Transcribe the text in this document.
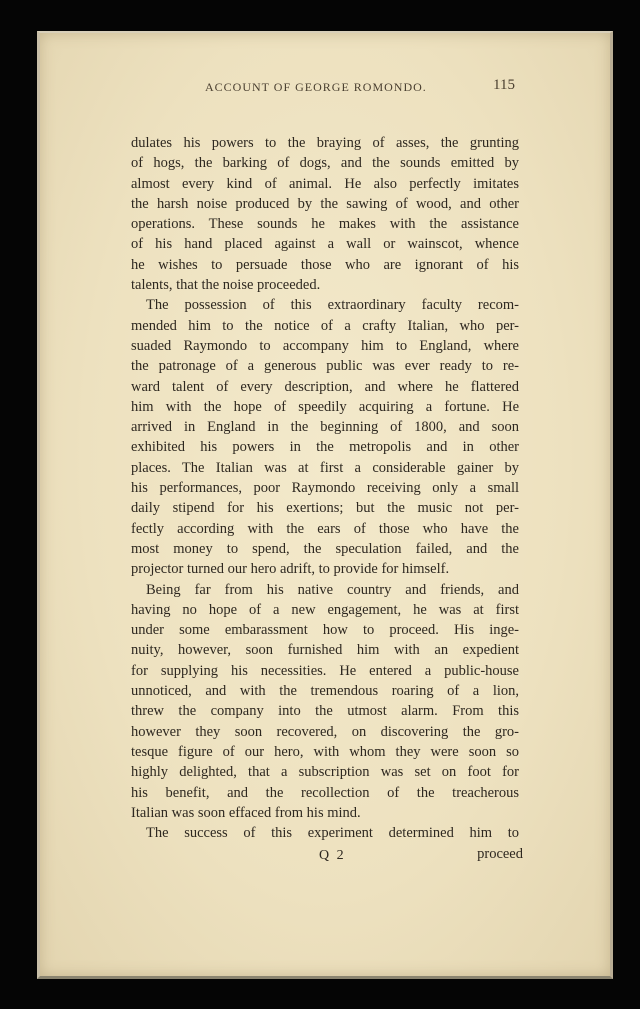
ACCOUNT OF GEORGE ROMONDO.	115
dulates his powers to the braying of asses, the grunting
of hogs, the barking of dogs, and the sounds emitted by
almost every kind of animal. He also perfectly imitates
the harsh noise produced by the sawing of wood, and other
operations. These sounds he makes with the assistance
of his hand placed against a wall or wainscot, whence
he wishes to persuade those who are ignorant of his
talents, that the noise proceeded.
The possession of this extraordinary faculty recom-
mended him to the notice of a crafty Italian, who per-
suaded Raymondo to accompany him to England, where
the patronage of a generous public was ever ready to re-
ward talent of every description, and where he flattered
him with the hope of speedily acquiring a fortune. He
arrived in England in the beginning of 1800, and soon
exhibited his powers in the metropolis and in other
places. The Italian was at first a considerable gainer by
his performances, poor Raymondo receiving only a small
daily stipend for his exertions; but the music not per-
fectly according with the ears of those who have the
most money to spend, the speculation failed, and the
projector turned our hero adrift, to provide for himself.
Being far from his native country and friends, and
having no hope of a new engagement, he was at first
under some embarassment how to proceed. His inge-
nuity, however, soon furnished him with an expedient
for supplying his necessities. He entered a public-house
unnoticed, and with the tremendous roaring of a lion,
threw the company into the utmost alarm. From this
however they soon recovered, on discovering the gro-
tesque figure of our hero, with whom they were soon so
highly delighted, that a subscription was set on foot for
his benefit, and the recollection of the treacherous
Italian was soon effaced from his mind.
The success of this experiment determined him to
Q 2	proceed
